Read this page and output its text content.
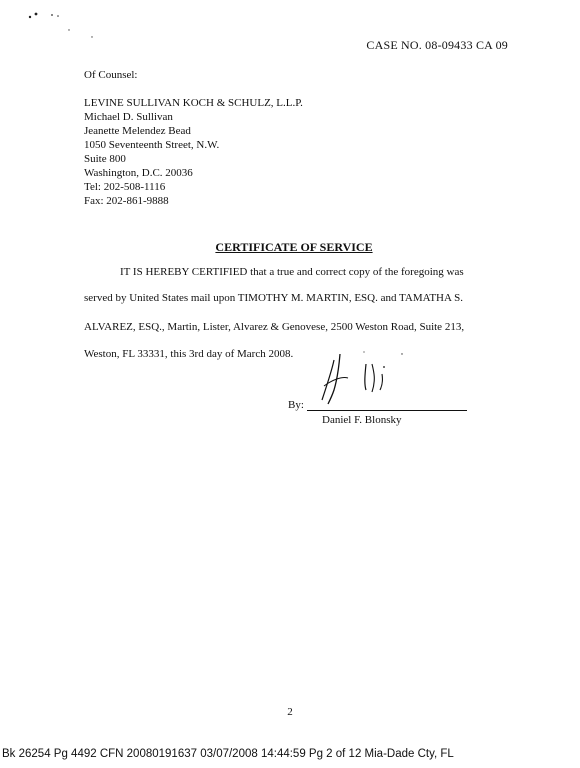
CASE NO. 08-09433 CA 09
Of Counsel:
LEVINE SULLIVAN KOCH & SCHULZ, L.L.P.
Michael D. Sullivan
Jeanette Melendez Bead
1050 Seventeenth Street, N.W.
Suite 800
Washington, D.C. 20036
Tel: 202-508-1116
Fax: 202-861-9888
CERTIFICATE OF SERVICE
IT IS HEREBY CERTIFIED that a true and correct copy of the foregoing was
served by United States mail upon TIMOTHY M. MARTIN, ESQ. and TAMATHA S.
ALVAREZ, ESQ., Martin, Lister, Alvarez & Genovese, 2500 Weston Road, Suite 213,
Weston, FL 33331, this 3rd day of March 2008.
By:
Daniel F. Blonsky
2
Bk 26254 Pg 4492 CFN 20080191637 03/07/2008 14:44:59 Pg 2 of 12 Mia-Dade Cty, FL
